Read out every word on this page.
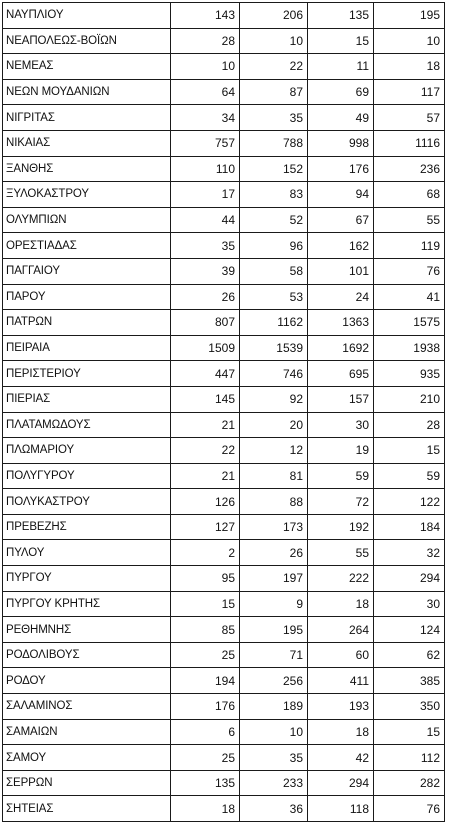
ΝΑΥΠΛΙΟΥ	143	206	135	195
ΝΕΑΠΟΛΕΩΣ-ΒΟΪΩΝ	28	10	15	10
ΝΕΜΕΑΣ	10	22	11	18
ΝΕΩΝ ΜΟΥΔΑΝΙΩΝ	64	87	69	117
ΝΙΓΡΙΤΑΣ	34	35	49	57
ΝΙΚΑΙΑΣ	757	788	998	1116
ΞΑΝΘΗΣ	110	152	176	236
ΞΥΛΟΚΑΣΤΡΟΥ	17	83	94	68
ΟΛΥΜΠΙΩΝ	44	52	67	55
ΟΡΕΣΤΙΑΔΑΣ	35	96	162	119
ΠΑΓΓΑΙΟΥ	39	58	101	76
ΠΑΡΟΥ	26	53	24	41
ΠΑΤΡΩΝ	807	1162	1363	1575
ΠΕΙΡΑΙΑ	1509	1539	1692	1938
ΠΕΡΙΣΤΕΡΙΟΥ	447	746	695	935
ΠΙΕΡΙΑΣ	145	92	157	210
ΠΛΑΤΑΜΩΔΟΥΣ	21	20	30	28
ΠΛΩΜΑΡΙΟΥ	22	12	19	15
ΠΟΛΥΓΥΡΟΥ	21	81	59	59
ΠΟΛΥΚΑΣΤΡΟΥ	126	88	72	122
ΠΡΕΒΕΖΗΣ	127	173	192	184
ΠΥΛΟΥ	2	26	55	32
ΠΥΡΓΟΥ	95	197	222	294
ΠΥΡΓΟΥ ΚΡΗΤΗΣ	15	9	18	30
ΡΕΘΗΜΝΗΣ	85	195	264	124
ΡΟΔΟΛΙΒΟΥΣ	25	71	60	62
ΡΟΔΟΥ	194	256	411	385
ΣΑΛΑΜΙΝΟΣ	176	189	193	350
ΣΑΜΑΙΩΝ	6	10	18	15
ΣΑΜΟΥ	25	35	42	112
ΣΕΡΡΩΝ	135	233	294	282
ΣΗΤΕΙΑΣ	18	36	118	76
